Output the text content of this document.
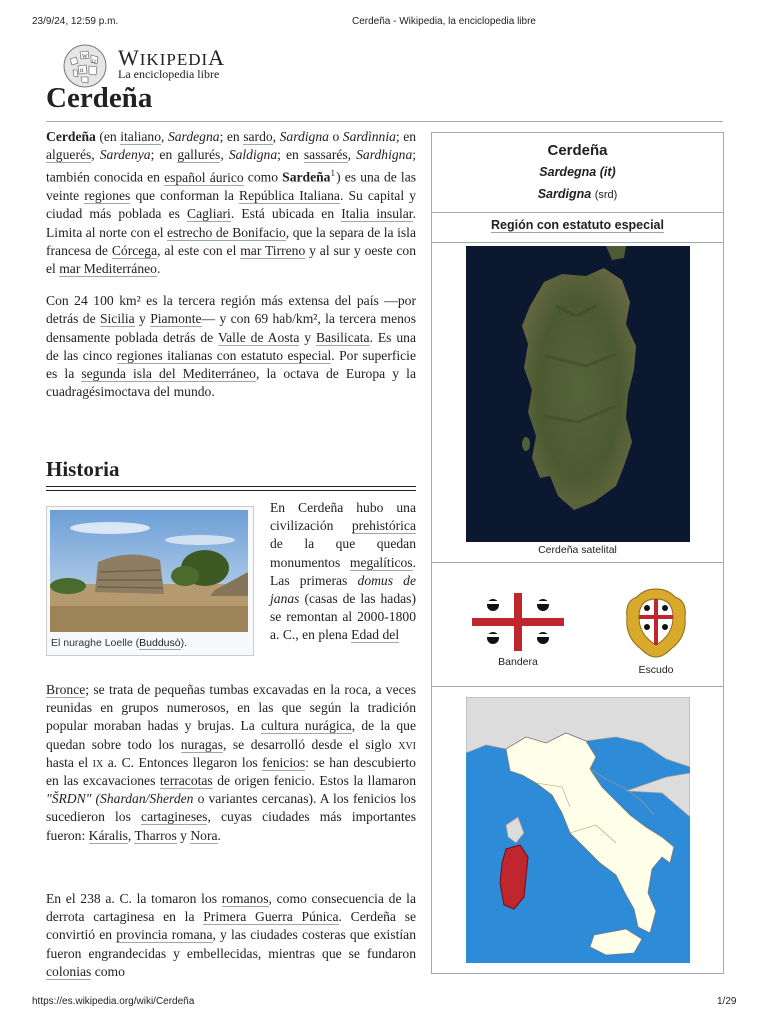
23/9/24, 12:59 p.m.	Cerdeña - Wikipedia, la enciclopedia libre
W
Ω
И
WIKIPEDIA
La enciclopedia libre
Cerdeña

Cerdeña (en italiano, Sardegna; en sardo, Sardigna o Sardìnnia; en alguerés, Sardenya; en gallurés, Saldigna; en sassarés, Sardhigna; también conocida en español áurico como Sardeña$^1$ ) es una de las veinte regiones que conforman la República Italiana. Su capital y ciudad más poblada es Cagliari. Está ubicada en Italia insular. Limita al norte con el estrecho de Bonifacio, que la separa de la isla francesa de Córcega, al este con el mar Tirreno y al sur y oeste con el mar Mediterráneo.

Con 24 100 km² es la tercera región más extensa del país —por detrás de Sicilia y Piamonte— y con 69 hab/km², la tercera menos densamente poblada detrás de Valle de Aosta y Basilicata. Es una de las cinco regiones italianas con estatuto especial. Por superficie es la segunda isla del Mediterráneo, la octava de Europa y la cuadragésimoctava del mundo.

Historia
El nuraghe Loelle (Buddusò).
En Cerdeña hubo una civilización prehistórica de la que quedan monumentos megalíticos. Las primeras domus de janas (casas de las hadas) se remontan al 2000-1800 a. C., en plena Edad del
Bronce; se trata de pequeñas tumbas excavadas en la roca, a veces reunidas en grupos numerosos, en las que según la tradición popular moraban hadas y brujas. La cultura nurágica, de la que quedan sobre todo los nuragas, se desarrolló desde el siglo xvi hasta el ix a. C. Entonces llegaron los fenicios: se han descubierto en las excavaciones terracotas de origen fenicio. Estos la llamaron "ŠRDN" (Shardan/Sherden o variantes cercanas). A los fenicios los sucedieron los cartagineses, cuyas ciudades más importantes fueron: Káralis, Tharros y Nora.
En el 238 a. C. la tomaron los romanos, como consecuencia de la derrota cartaginesa en la Primera Guerra Púnica. Cerdeña se convirtió en provincia romana, y las ciudades costeras que existían fueron engrandecidas y embellecidas, mientras que se fundaron colonias como
Cerdeña
Sardegna (it)
Sardigna (srd)
Región con estatuto especial
Cerdeña satelital
Bandera
Escudo
https://es.wikipedia.org/wiki/Cerdeña	1/29
